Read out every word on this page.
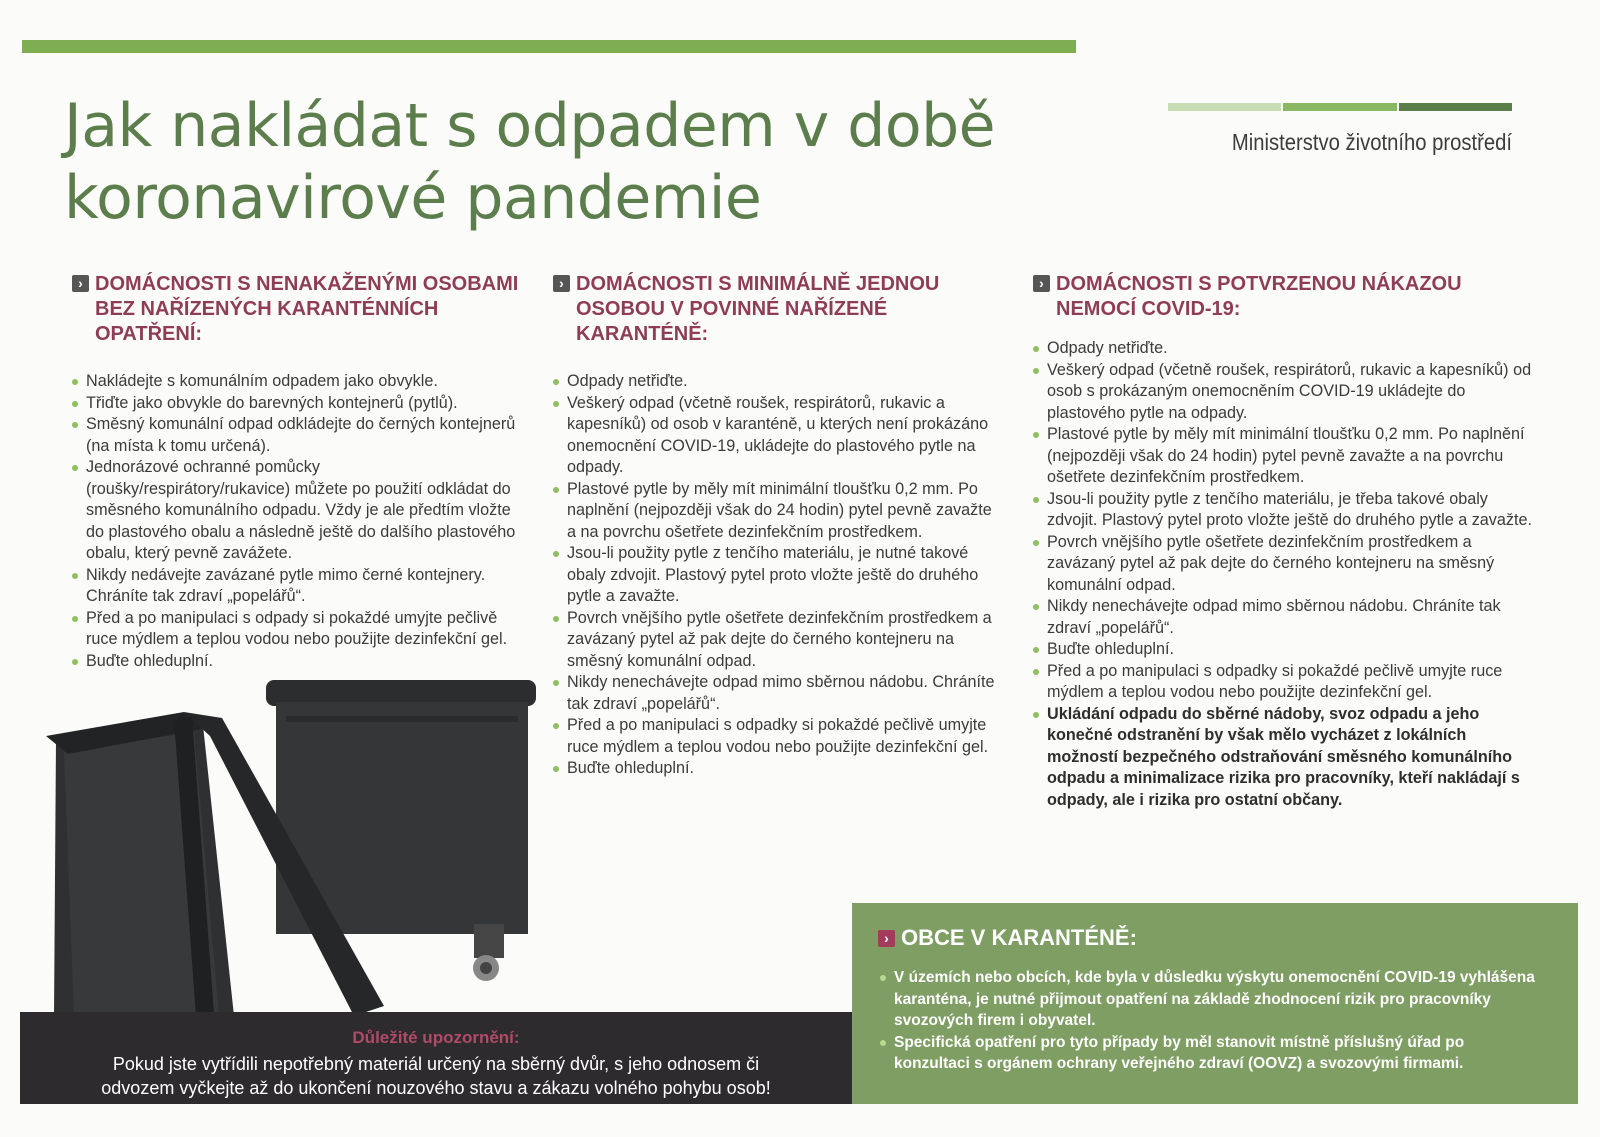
Jak nakládat s odpadem v době
koronavirové pandemie
Ministerstvo životního prostředí
› DOMÁCNOSTI S NENAKAŽENÝMI OSOBAMI BEZ NAŘÍZENÝCH KARANTÉNNÍCH OPATŘENÍ:
Nakládejte s komunálním odpadem jako obvykle.
Třiďte jako obvykle do barevných kontejnerů (pytlů).
Směsný komunální odpad odkládejte do černých kontejnerů (na místa k tomu určená).
Jednorázové ochranné pomůcky (roušky/respirátory/rukavice) můžete po použití odkládat do směsného komunálního odpadu. Vždy je ale předtím vložte do plastového obalu a následně ještě do dalšího plastového obalu, který pevně zavážete.
Nikdy nedávejte zavázané pytle mimo černé kontejnery. Chráníte tak zdraví „popelářů“.
Před a po manipulaci s odpady si pokaždé umyjte pečlivě ruce mýdlem a teplou vodou nebo použijte dezinfekční gel.
Buďte ohleduplní.
› DOMÁCNOSTI S MINIMÁLNĚ JEDNOU OSOBOU V POVINNÉ NAŘÍZENÉ KARANTÉNĚ:
Odpady netřiďte.
Veškerý odpad (včetně roušek, respirátorů, rukavic a kapesníků) od osob v karanténě, u kterých není prokázáno onemocnění COVID-19, ukládejte do plastového pytle na odpady.
Plastové pytle by měly mít minimální tloušťku 0,2 mm. Po naplnění (nejpozději však do 24 hodin) pytel pevně zavažte a na povrchu ošetřete dezinfekčním prostředkem.
Jsou-li použity pytle z tenčího materiálu, je nutné takové obaly zdvojit. Plastový pytel proto vložte ještě do druhého pytle a zavažte.
Povrch vnějšího pytle ošetřete dezinfekčním prostředkem a zavázaný pytel až pak dejte do černého kontejneru na směsný komunální odpad.
Nikdy nenechávejte odpad mimo sběrnou nádobu. Chráníte tak zdraví „popelářů“.
Před a po manipulaci s odpadky si pokaždé pečlivě umyjte ruce mýdlem a teplou vodou nebo použijte dezinfekční gel.
Buďte ohleduplní.
› DOMÁCNOSTI S POTVRZENOU NÁKAZOU NEMOCÍ COVID-19:
Odpady netřiďte.
Veškerý odpad (včetně roušek, respirátorů, rukavic a kapesníků) od osob s prokázaným onemocněním COVID-19 ukládejte do plastového pytle na odpady.
Plastové pytle by měly mít minimální tloušťku 0,2 mm. Po naplnění (nejpozději však do 24 hodin) pytel pevně zavažte a na povrchu ošetřete dezinfekčním prostředkem.
Jsou-li použity pytle z tenčího materiálu, je třeba takové obaly zdvojit. Plastový pytel proto vložte ještě do druhého pytle a zavažte.
Povrch vnějšího pytle ošetřete dezinfekčním prostředkem a zavázaný pytel až pak dejte do černého kontejneru na směsný komunální odpad.
Nikdy nenechávejte odpad mimo sběrnou nádobu. Chráníte tak zdraví „popelářů“.
Buďte ohleduplní.
Před a po manipulaci s odpadky si pokaždé pečlivě umyjte ruce mýdlem a teplou vodou nebo použijte dezinfekční gel.
Ukládání odpadu do sběrné nádoby, svoz odpadu a jeho konečné odstranění by však mělo vycházet z lokálních možností bezpečného odstraňování směsného komunálního odpadu a minimalizace rizika pro pracovníky, kteří nakládají s odpady, ale i rizika pro ostatní občany.
Důležité upozornění:
Pokud jste vytřídili nepotřebný materiál určený na sběrný dvůr, s jeho odnosem či
odvozem vyčkejte až do ukončení nouzového stavu a zákazu volného pohybu osob!
› OBCE V KARANTÉNĚ:
V územích nebo obcích, kde byla v důsledku výskytu onemocnění COVID-19 vyhlášena karanténa, je nutné přijmout opatření na základě zhodnocení rizik pro pracovníky svozových firem i obyvatel.
Specifická opatření pro tyto případy by měl stanovit místně příslušný úřad po konzultaci s orgánem ochrany veřejného zdraví (OOVZ) a svozovými firmami.
